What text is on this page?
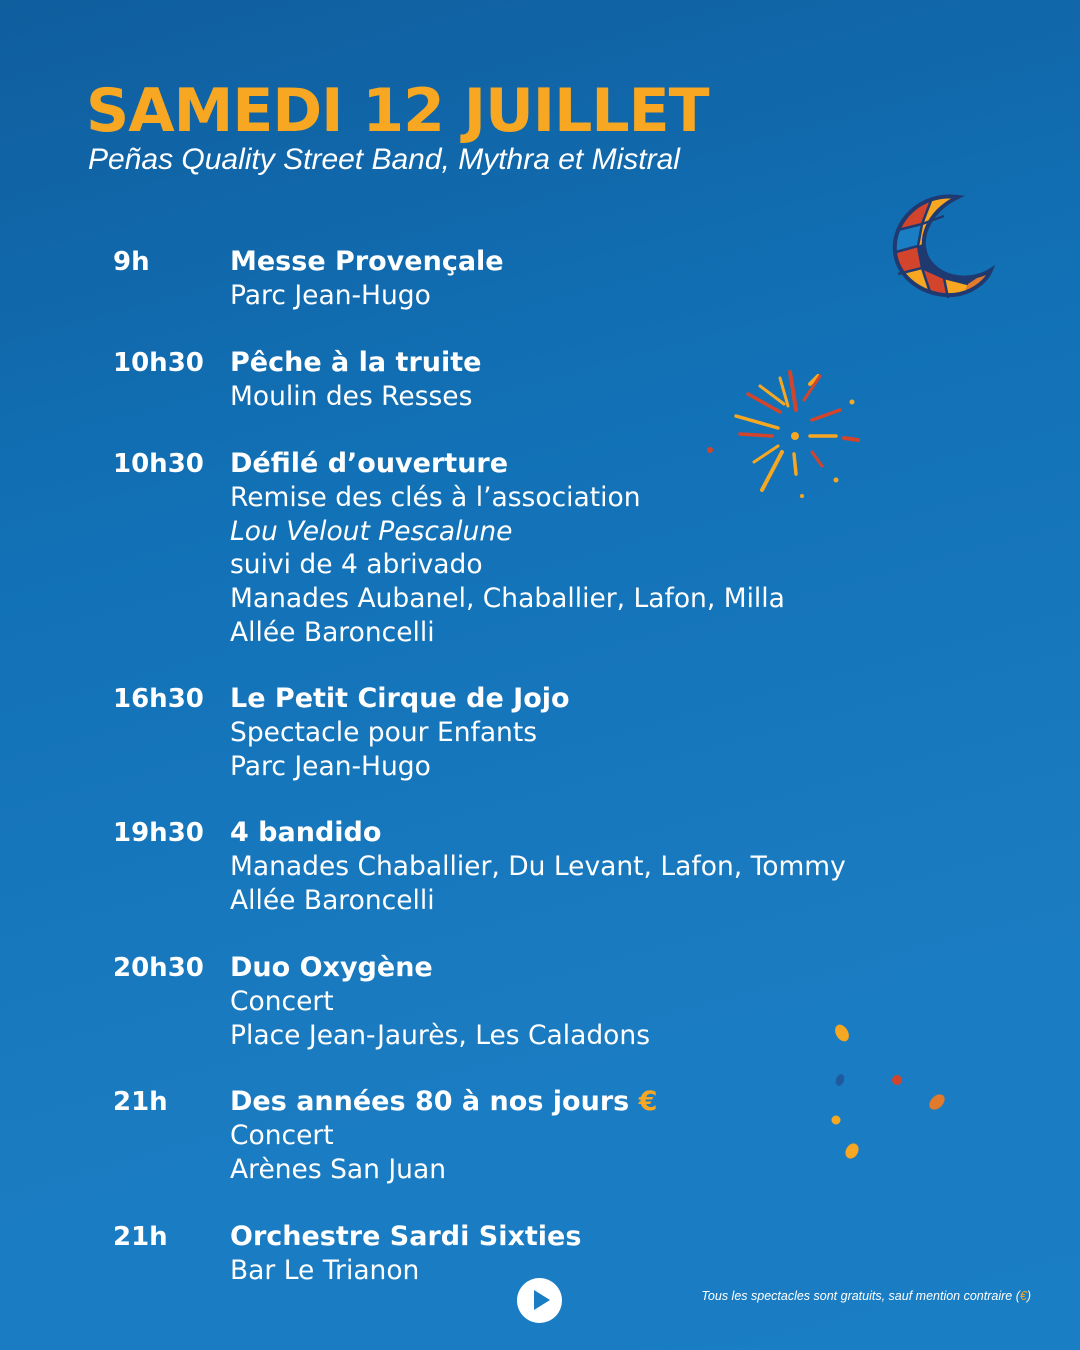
SAMEDI 12 JUILLET
Peñas Quality Street Band, Mythra et Mistral
9h	Messe Provençale
Parc Jean-Hugo
10h30 Pêche à la truite
Moulin des Resses
10h30 Défilé d’ouverture
Remise des clés à l’association
Lou Velout Pescalune
suivi de 4 abrivado
Manades Aubanel, Chaballier, Lafon, Milla
Allée Baroncelli
16h30 Le Petit Cirque de Jojo
Spectacle pour Enfants
Parc Jean-Hugo
19h30 4 bandido
Manades Chaballier, Du Levant, Lafon, Tommy
Allée Baroncelli
20h30 Duo Oxygène
Concert
Place Jean-Jaurès, Les Caladons
21h Des années 80 à nos jours €
Concert
Arènes San Juan
21h Orchestre Sardi Sixties
Bar Le Trianon
Tous les spectacles sont gratuits, sauf mention contraire (€)
